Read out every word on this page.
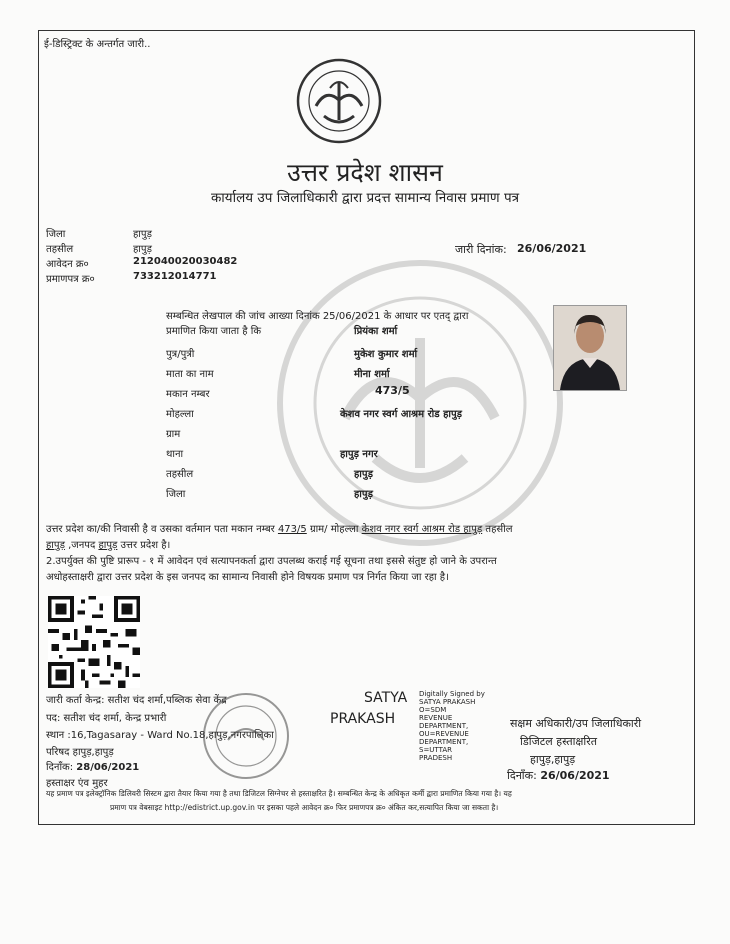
ई-डिस्ट्रिक्ट के अन्तर्गत जारी..
उत्तर प्रदेश शासन
कार्यालय उप जिलाधिकारी द्वारा प्रदत्त सामान्य निवास प्रमाण पत्र
जिला	हापुड़
तहसील	हापुड़
आवेदन क्र०	212040020030482
प्रमाणपत्र क्र०	733212014771
जारी दिनांक: 26/06/2021
सम्बन्धित लेखपाल की जांच आख्या दिनांक 25/06/2021 के आधार पर एतद् द्वारा
प्रमाणित किया जाता है कि	प्रियंका शर्मा
पुत्र/पुत्री	मुकेश कुमार शर्मा
माता का नाम	मीना शर्मा
मकान नम्बर	473/5
मोहल्ला	केशव नगर स्वर्ग आश्रम रोड हापुड़
ग्राम
थाना	हापुड़ नगर
तहसील	हापुड़
जिला	हापुड़
उत्तर प्रदेश का/की निवासी है व उसका वर्तमान पता मकान नम्बर 473/5 ग्राम/ मोहल्ला केशव नगर स्वर्ग आश्रम रोड हापुड़ तहसील
हापुड़ ,जनपद हापुड़ उत्तर प्रदेश है।
2.उपर्युक्त की पुष्टि प्रारूप - १ में आवेदन एवं सत्यापनकर्ता द्वारा उपलब्ध कराई गई सूचना तथा इससे संतुष्ट हो जाने के उपरान्त
अधोहस्ताक्षरी द्वारा उत्तर प्रदेश के इस जनपद का सामान्य निवासी होने विषयक प्रमाण पत्र निर्गत किया जा रहा है।
जारी कर्ता केन्द्र: सतीश चंद शर्मा,पब्लिक सेवा केंद्र
पद: सतीश चंद शर्मा, केन्द्र प्रभारी
स्थान :16,Tagasaray - Ward No.18,हापुड़,नगरपालिका
परिषद हापुड़,हापुड़
दिनाँक: 28/06/2021
हस्ताक्षर एंव मुहर
SATYA
PRAKASH
Digitally Signed by
SATYA PRAKASH
O=SDM
REVENUE
DEPARTMENT,
OU=REVENUE
DEPARTMENT,
S=UTTAR
PRADESH
सक्षम अधिकारी/उप जिलाधिकारी
डिजिटल हस्ताक्षरित
हापुड़,हापुड़
दिनाँक: 26/06/2021
यह प्रमाण पत्र इलेक्ट्रॉनिक डिलिवरी सिस्टम द्वारा तैयार किया गया है तथा डिजिटल सिग्नेचर से हस्ताक्षरित है। सम्बन्धित केन्द्र के अधिकृत कर्मी द्वारा प्रमाणित किया गया है। यह
प्रमाण पत्र वेबसाइट http://edistrict.up.gov.in पर इसका पहले आवेदन क्र० फिर प्रमाणपत्र क्र० अंकित कर,सत्यापित किया जा सकता है।
